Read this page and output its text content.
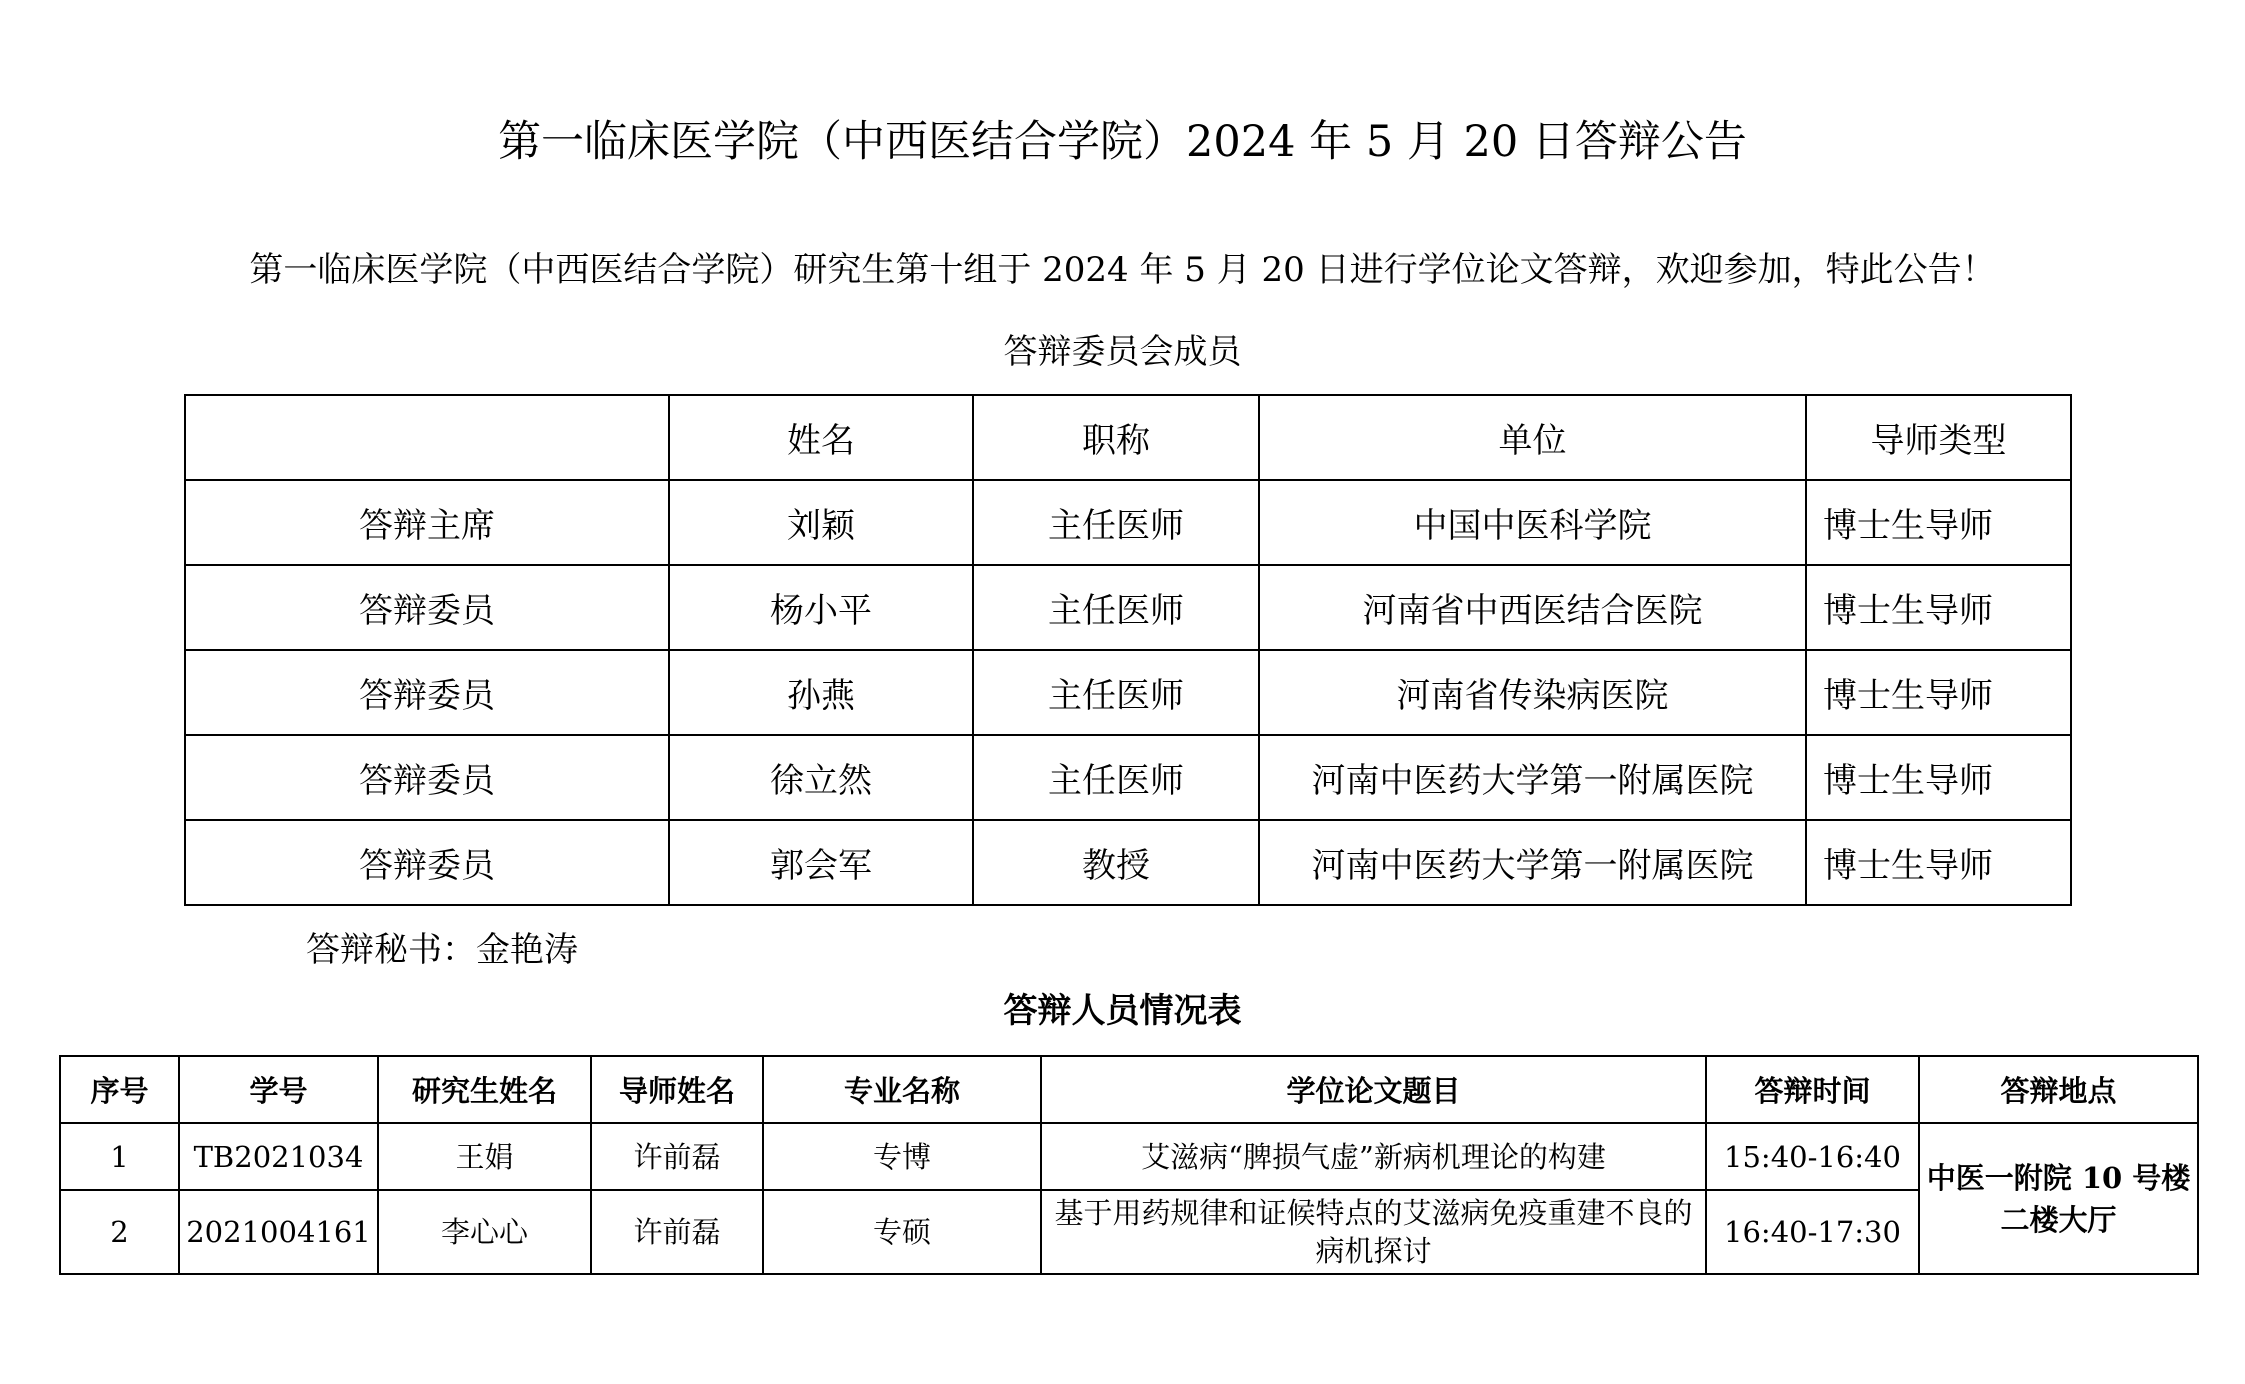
第一临床医学院（中西医结合学院）2024 年 5 月 20 日答辩公告
第一临床医学院（中西医结合学院）研究生第十组于 2024 年 5 月 20 日进行学位论文答辩，欢迎参加，特此公告！
答辩委员会成员
	姓名	职称	单位	导师类型
答辩主席	刘颖	主任医师	中国中医科学院	博士生导师
答辩委员	杨小平	主任医师	河南省中西医结合医院	博士生导师
答辩委员	孙燕	主任医师	河南省传染病医院	博士生导师
答辩委员	徐立然	主任医师	河南中医药大学第一附属医院	博士生导师
答辩委员	郭会军	教授	河南中医药大学第一附属医院	博士生导师
答辩秘书：金艳涛
答辩人员情况表
序号	学号	研究生姓名	导师姓名	专业名称	学位论文题目	答辩时间	答辩地点
1	TB2021034	王娟	许前磊	专博	艾滋病“脾损气虚”新病机理论的构建	15:40-16:40	中医一附院 10 号楼二楼大厅
2	2021004161	李心心	许前磊	专硕	基于用药规律和证候特点的艾滋病免疫重建不良的病机探讨	16:40-17:30	
